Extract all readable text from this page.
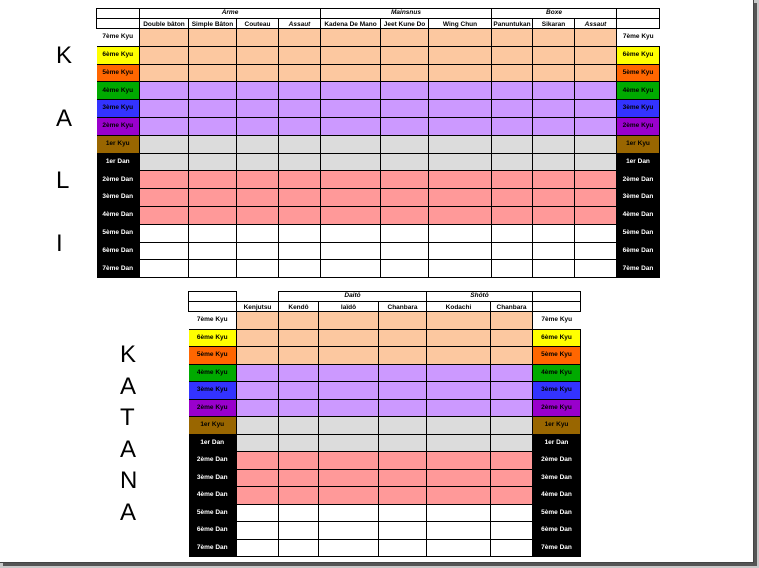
K
A
L
I
	Arme				Mainsnus			Boxe			
	Double bâton	Simple Bâton	Couteau	Assaut	Kadena De Mano	Jeet Kune Do	Wing Chun	Panuntukan	Sikaran	Assaut	
7ème Kyu											7ème Kyu
6ème Kyu											6ème Kyu
5ème Kyu											5ème Kyu
4ème Kyu											4ème Kyu
3ème Kyu											3ème Kyu
2ème Kyu											2ème Kyu
1er Kyu											1er Kyu
1er Dan											1er Dan
2ème Dan											2ème Dan
3ème Dan											3ème Dan
4ème Dan											4ème Dan
5ème Dan											5ème Dan
6ème Dan											6ème Dan
7ème Dan											7ème Dan
K
A
T
A
N
A
		Daitô			Shôtô		
	Kenjutsu	Kendô	Iaïdô	Chanbara	Kodachi	Chanbara	
7ème Kyu							7ème Kyu
6ème Kyu							6ème Kyu
5ème Kyu							5ème Kyu
4ème Kyu							4ème Kyu
3ème Kyu							3ème Kyu
2ème Kyu							2ème Kyu
1er Kyu							1er Kyu
1er Dan							1er Dan
2ème Dan							2ème Dan
3ème Dan							3ème Dan
4ème Dan							4ème Dan
5ème Dan							5ème Dan
6ème Dan							6ème Dan
7ème Dan							7ème Dan
